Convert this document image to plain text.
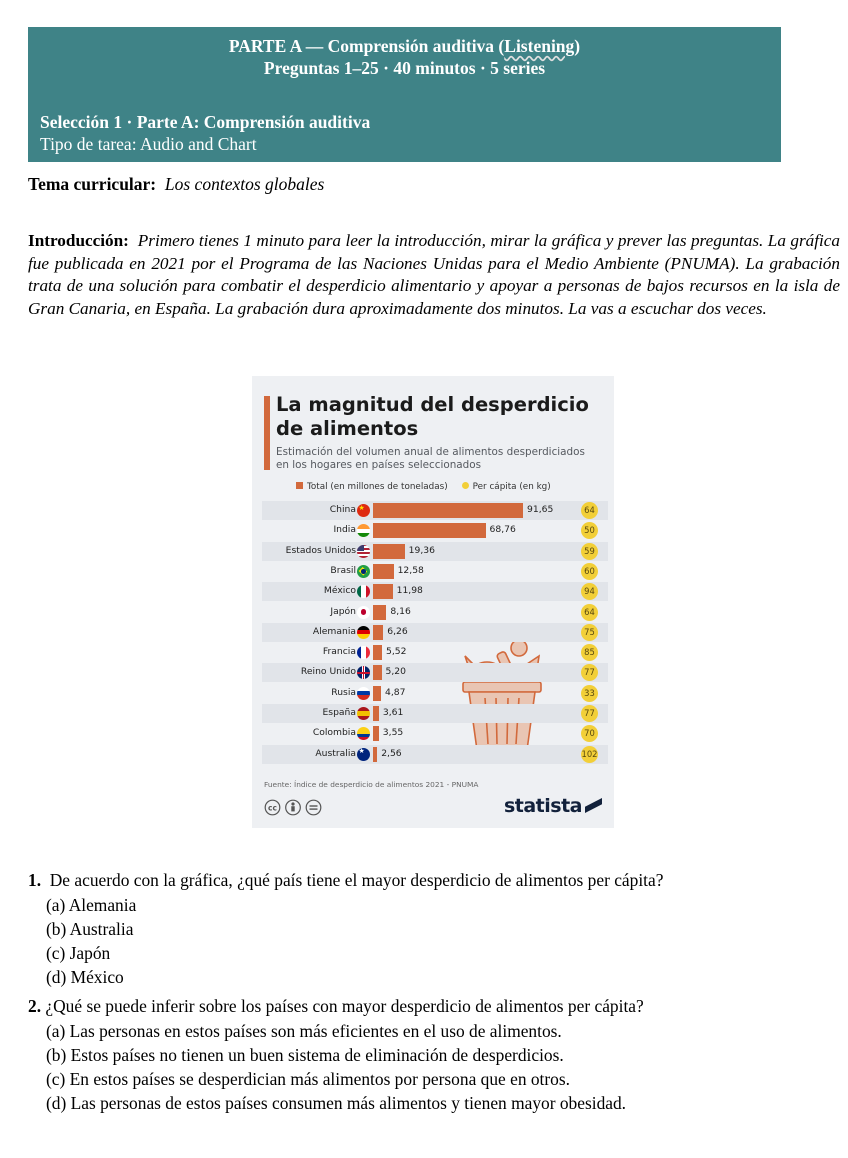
PARTE A — Comprensión auditiva (Listening)
Preguntas 1–25 · 40 minutos · 5 series
Selección 1 · Parte A: Comprensión auditiva
Tipo de tarea: Audio and Chart
Tema curricular: Los contextos globales
Introducción: Primero tienes 1 minuto para leer la introducción, mirar la gráfica y prever las preguntas. La gráfica fue publicada en 2021 por el Programa de las Naciones Unidas para el Medio Ambiente (PNUMA). La grabación trata de una solución para combatir el desperdicio alimentario y apoyar a personas de bajos recursos en la isla de Gran Canaria, en España. La grabación dura aproximadamente dos minutos. La vas a escuchar dos veces.
La magnitud del desperdicio
de alimentos
Estimación del volumen anual de alimentos desperdiciados
en los hogares en países seleccionados
Total (en millones de toneladas)	Per cápita (en kg)
China ★	91,65	64
India	68,76	50
Estados Unidos	19,36	59
Brasil	12,58	60
México	11,98	94
Japón	8,16	64
Alemania	6,26	75
Francia	5,52	85
Reino Unido	5,20	77
Rusia	4,87	33
España	3,61	77
Colombia	3,55	70
Australia ★ 2,56	102
Fuente: Índice de desperdicio de alimentos 2021 - PNUMA
cc	statista
1. De acuerdo con la gráfica, ¿qué país tiene el mayor desperdicio de alimentos per cápita?
(a) Alemania
(b) Australia
(c) Japón
(d) México
2. ¿Qué se puede inferir sobre los países con mayor desperdicio de alimentos per cápita?
(a) Las personas en estos países son más eficientes en el uso de alimentos.
(b) Estos países no tienen un buen sistema de eliminación de desperdicios.
(c) En estos países se desperdician más alimentos por persona que en otros.
(d) Las personas de estos países consumen más alimentos y tienen mayor obesidad.
